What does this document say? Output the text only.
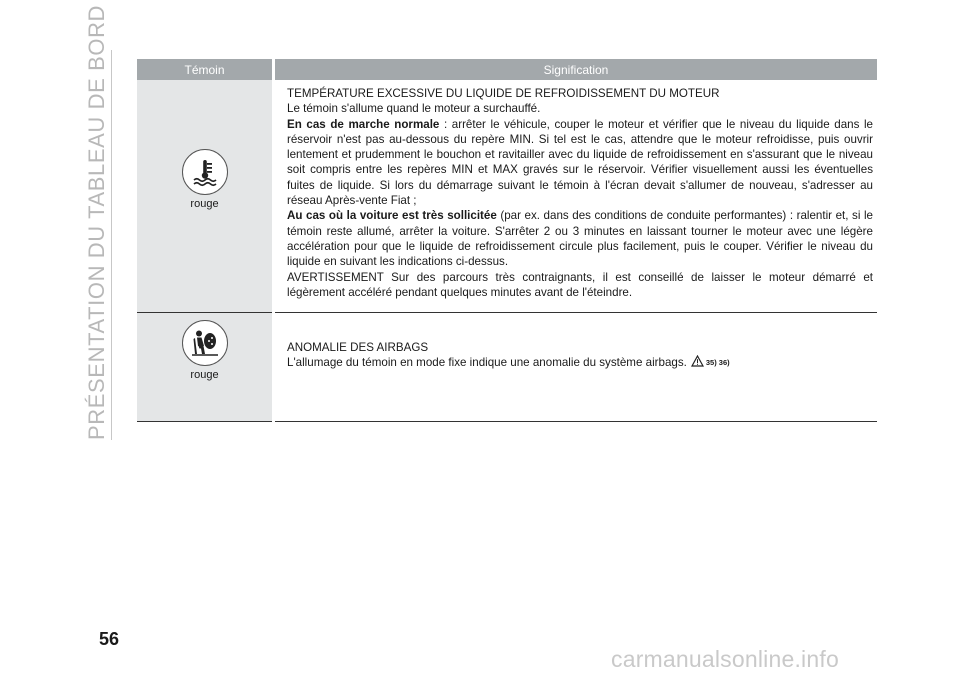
PRÉSENTATION DU TABLEAU DE BORD	Témoin	Signification

rouge	TEMPÉRATURE EXCESSIVE DU LIQUIDE DE REFROIDISSEMENT DU MOTEUR
Le témoin s'allume quand le moteur a surchauffé.
En cas de marche normale : arrêter le véhicule, couper le moteur et vérifier que le niveau du liquide dans le réservoir n'est pas au-dessous du repère MIN. Si tel est le cas, attendre que le moteur refroidisse, puis ouvrir lentement et prudemment le bouchon et ravitailler avec du liquide de refroidissement en s'assurant que le niveau soit compris entre les repères MIN et MAX gravés sur le réservoir. Vérifier visuellement aussi les éventuelles fuites de liquide. Si lors du démarrage suivant le témoin à l'écran devait s'allumer de nouveau, s'adresser au réseau Après-vente Fiat ;
Au cas où la voiture est très sollicitée (par ex. dans des conditions de conduite performantes) : ralentir et, si le témoin reste allumé, arrêter la voiture. S'arrêter 2 ou 3 minutes en laissant tourner le moteur avec une légère accélération pour que le liquide de refroidissement circule plus facilement, puis le couper. Vérifier le niveau du liquide en suivant les indications ci-dessus.
AVERTISSEMENT Sur des parcours très contraignants, il est conseillé de laisser le moteur démarré et légèrement accéléré pendant quelques minutes avant de l'éteindre.

rouge	ANOMALIE DES AIRBAGS
L'allumage du témoin en mode fixe indique une anomalie du système airbags. 35) 36)
56
carmanualsonline.info
